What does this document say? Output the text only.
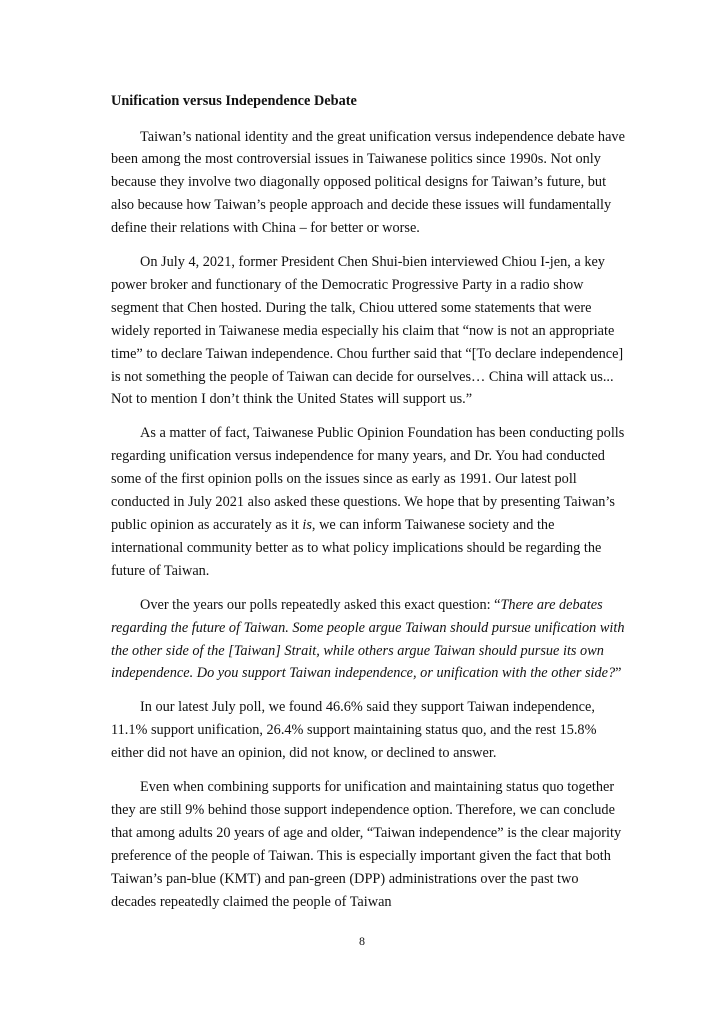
Unification versus Independence Debate

Taiwan’s national identity and the great unification versus independence debate have been among the most controversial issues in Taiwanese politics since 1990s. Not only because they involve two diagonally opposed political designs for Taiwan’s future, but also because how Taiwan’s people approach and decide these issues will fundamentally define their relations with China – for better or worse.

On July 4, 2021, former President Chen Shui-bien interviewed Chiou I-jen, a key power broker and functionary of the Democratic Progressive Party in a radio show segment that Chen hosted. During the talk, Chiou uttered some statements that were widely reported in Taiwanese media especially his claim that “now is not an appropriate time” to declare Taiwan independence. Chou further said that “[To declare independence] is not something the people of Taiwan can decide for ourselves… China will attack us... Not to mention I don’t think the United States will support us.”

As a matter of fact, Taiwanese Public Opinion Foundation has been conducting polls regarding unification versus independence for many years, and Dr. You had conducted some of the first opinion polls on the issues since as early as 1991. Our latest poll conducted in July 2021 also asked these questions. We hope that by presenting Taiwan’s public opinion as accurately as it is, we can inform Taiwanese society and the international community better as to what policy implications should be regarding the future of Taiwan.

Over the years our polls repeatedly asked this exact question: “There are debates regarding the future of Taiwan. Some people argue Taiwan should pursue unification with the other side of the [Taiwan] Strait, while others argue Taiwan should pursue its own independence. Do you support Taiwan independence, or unification with the other side?”

In our latest July poll, we found 46.6% said they support Taiwan independence, 11.1% support unification, 26.4% support maintaining status quo, and the rest 15.8% either did not have an opinion, did not know, or declined to answer.

Even when combining supports for unification and maintaining status quo together they are still 9% behind those support independence option. Therefore, we can conclude that among adults 20 years of age and older, “Taiwan independence” is the clear majority preference of the people of Taiwan. This is especially important given the fact that both Taiwan’s pan-blue (KMT) and pan-green (DPP) administrations over the past two decades repeatedly claimed the people of Taiwan

8
